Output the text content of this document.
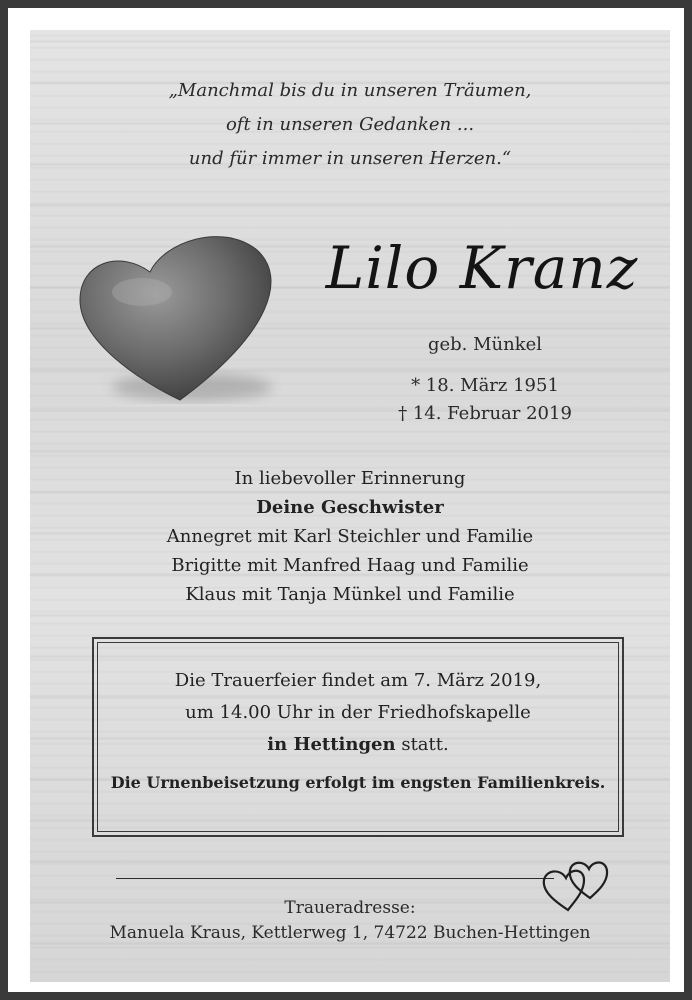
„Manchmal bis du in unseren Träumen,
oft in unseren Gedanken ...
und für immer in unseren Herzen.“
Lilo Kranz
geb. Münkel
* 18. März 1951
† 14. Februar 2019
In liebevoller Erinnerung
Deine Geschwister
Annegret mit Karl Steichler und Familie
Brigitte mit Manfred Haag und Familie
Klaus mit Tanja Münkel und Familie
Die Trauerfeier findet am 7. März 2019,
um 14.00 Uhr in der Friedhofskapelle
in Hettingen statt.
Die Urnenbeisetzung erfolgt im engsten Familienkreis.
Traueradresse:
Manuela Kraus, Kettlerweg 1, 74722 Buchen-Hettingen
